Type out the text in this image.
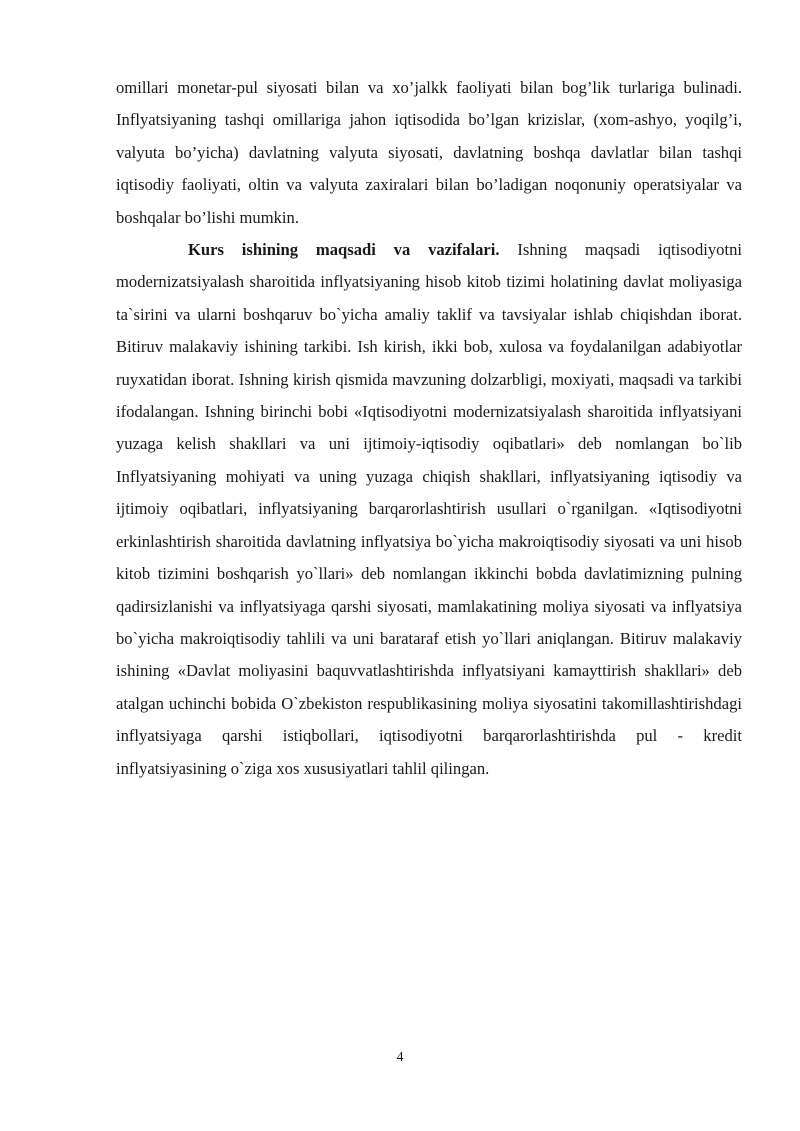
omillari monetar-pul siyosati bilan va xo’jalkk faoliyati bilan bog’lik turlariga bulinadi. Inflyatsiyaning tashqi omillariga jahon iqtisodida bo’lgan krizislar, (xom-ashyo, yoqilg’i, valyuta bo’yicha) davlatning valyuta siyosati, davlatning boshqa davlatlar bilan tashqi iqtisodiy faoliyati, oltin va valyuta zaxiralari bilan bo’ladigan noqonuniy operatsiyalar va boshqalar bo’lishi mumkin.

Kurs ishining maqsadi va vazifalari. Ishning maqsadi iqtisodiyotni modernizatsiyalash sharoitida inflyatsiyaning hisob kitob tizimi holatining davlat moliyasiga ta`sirini va ularni boshqaruv bo`yicha amaliy taklif va tavsiyalar ishlab chiqishdan iborat. Bitiruv malakaviy ishining tarkibi. Ish kirish, ikki bob, xulosa va foydalanilgan adabiyotlar ruyxatidan iborat. Ishning kirish qismida mavzuning dolzarbligi, moxiyati, maqsadi va tarkibi ifodalangan. Ishning birinchi bobi «Iqtisodiyotni modernizatsiyalash sharoitida inflyatsiyani yuzaga kelish shakllari va uni ijtimoiy-iqtisodiy oqibatlari» deb nomlangan bo`lib Inflyatsiyaning mohiyati va uning yuzaga chiqish shakllari, inflyatsiyaning iqtisodiy va ijtimoiy oqibatlari, inflyatsiyaning barqarorlashtirish usullari o`rganilgan. «Iqtisodiyotni erkinlashtirish sharoitida davlatning inflyatsiya bo`yicha makroiqtisodiy siyosati va uni hisob kitob tizimini boshqarish yo`llari» deb nomlangan ikkinchi bobda davlatimizning pulning qadirsizlanishi va inflyatsiyaga qarshi siyosati, mamlakatining moliya siyosati va inflyatsiya bo`yicha makroiqtisodiy tahlili va uni barataraf etish yo`llari aniqlangan. Bitiruv malakaviy ishining «Davlat moliyasini baquvvatlashtirishda inflyatsiyani kamayttirish shakllari» deb atalgan uchinchi bobida O`zbekiston respublikasining moliya siyosatini takomillashtirishdagi inflyatsiyaga qarshi istiqbollari, iqtisodiyotni barqarorlashtirishda pul - kredit inflyatsiyasining o`ziga xos xususiyatlari tahlil qilingan.

4
